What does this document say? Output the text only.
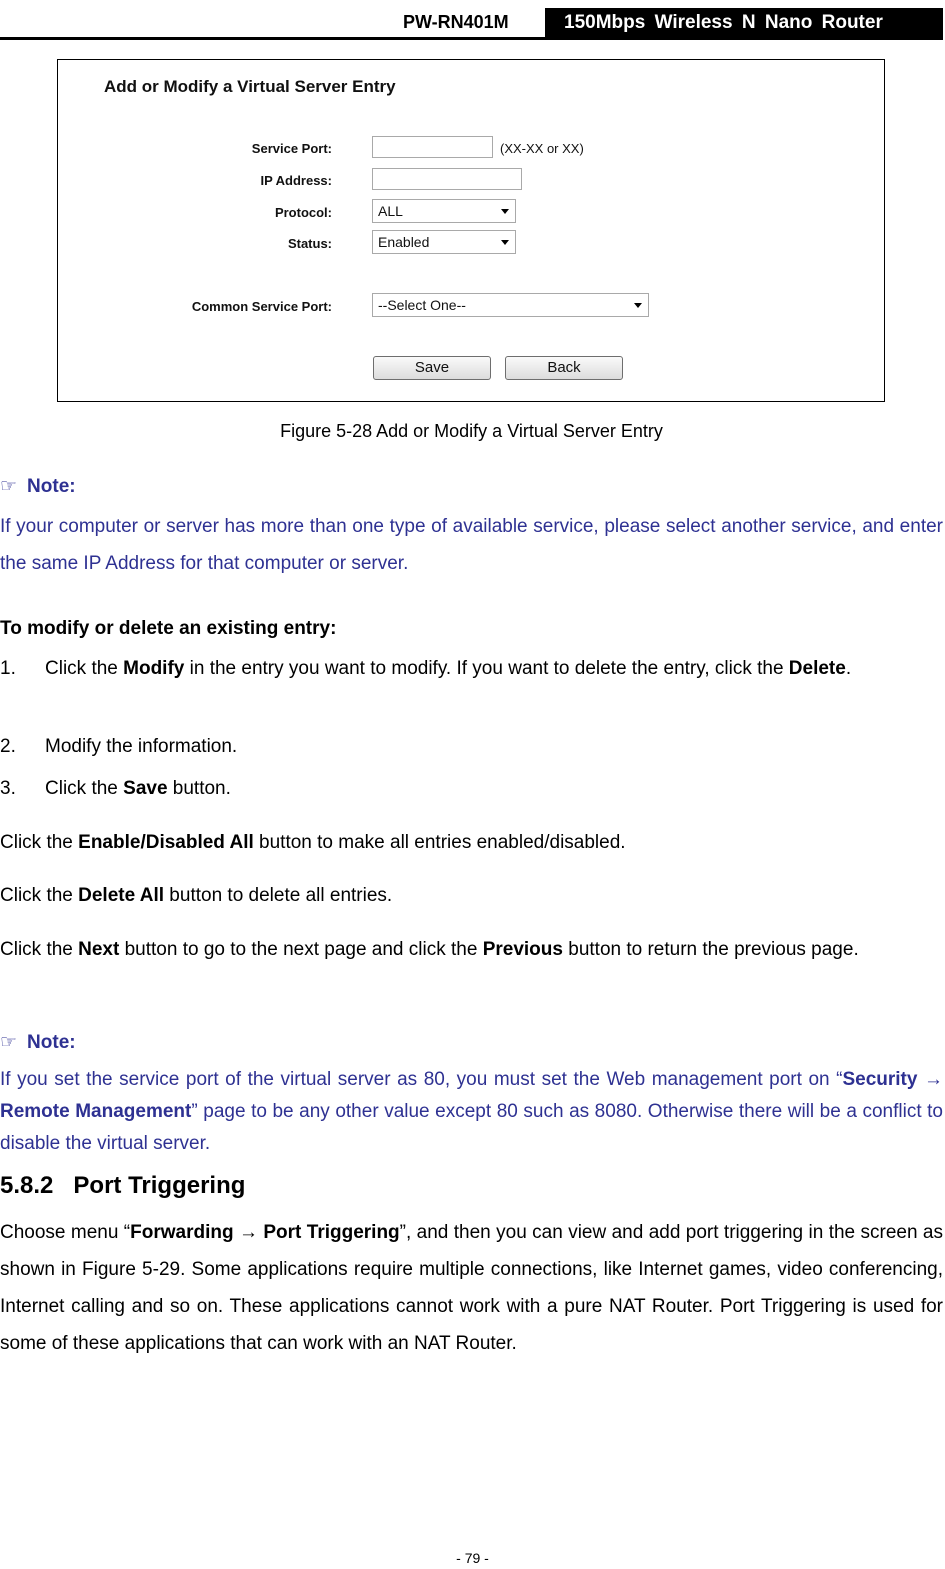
PW-RN401M	150Mbps Wireless N Nano Router
Add or Modify a Virtual Server Entry
Service Port:	(XX-XX or XX)
IP Address:
Protocol:	ALL
Status:	Enabled
Common Service Port:	--Select One--
Save	Back
Figure 5-28 Add or Modify a Virtual Server Entry
☞ Note:
If your computer or server has more than one type of available service, please select another service, and enter the same IP Address for that computer or server.
To modify or delete an existing entry:
1. Click the Modify in the entry you want to modify. If you want to delete the entry, click the Delete.
2. Modify the information.
3. Click the Save button.
Click the Enable/Disabled All button to make all entries enabled/disabled.
Click the Delete All button to delete all entries.
Click the Next button to go to the next page and click the Previous button to return the previous page.
☞ Note:
If you set the service port of the virtual server as 80, you must set the Web management port on “Security → Remote Management” page to be any other value except 80 such as 8080. Otherwise there will be a conflict to disable the virtual server.
5.8.2 Port Triggering
Choose menu “Forwarding → Port Triggering”, and then you can view and add port triggering in the screen as shown in Figure 5-29. Some applications require multiple connections, like Internet games, video conferencing, Internet calling and so on. These applications cannot work with a pure NAT Router. Port Triggering is used for some of these applications that can work with an NAT Router.
- 79 -
